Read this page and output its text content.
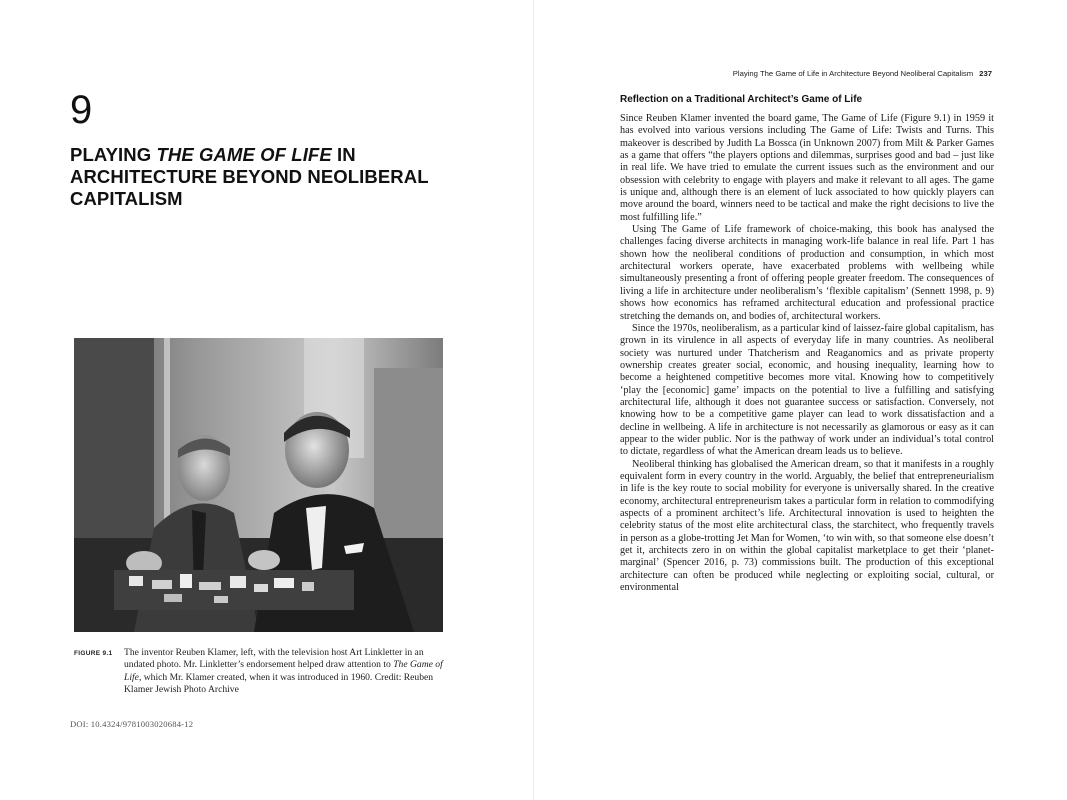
9
PLAYING THE GAME OF LIFE IN ARCHITECTURE BEYOND NEOLIBERAL CAPITALISM
FIGURE 9.1 The inventor Reuben Klamer, left, with the television host Art Linkletter in an undated photo. Mr. Linkletter’s endorsement helped draw attention to The Game of Life, which Mr. Klamer created, when it was introduced in 1960. Credit: Reuben Klamer Jewish Photo Archive
DOI: 10.4324/9781003020684-12
Playing The Game of Life in Architecture Beyond Neoliberal Capitalism 237
Reflection on a Traditional Architect’s Game of Life

Since Reuben Klamer invented the board game, The Game of Life (Figure 9.1) in 1959 it has evolved into various versions including The Game of Life: Twists and Turns. This makeover is described by Judith La Bossca (in Unknown 2007) from Milt & Parker Games as a game that offers “the players options and dilemmas, surprises good and bad – just like in real life. We have tried to emulate the current issues such as the environment and our obsession with celebrity to engage with players and make it relevant to all ages. The game is unique and, although there is an element of luck associated to how quickly players can move around the board, winners need to be tactical and make the right decisions to live the most fulfilling life.”

Using The Game of Life framework of choice-making, this book has analysed the challenges facing diverse architects in managing work-life balance in real life. Part 1 has shown how the neoliberal conditions of production and consumption, in which most architectural workers operate, have exacerbated problems with wellbeing while simultaneously presenting a front of offering people greater freedom. The consequences of living a life in architecture under neoliberalism’s ‘flexible capitalism’ (Sennett 1998, p. 9) shows how economics has reframed architectural education and professional practice stretching the demands on, and bodies of, architectural workers.

Since the 1970s, neoliberalism, as a particular kind of laissez-faire global capitalism, has grown in its virulence in all aspects of everyday life in many countries. As neoliberal society was nurtured under Thatcherism and Reaganomics and as private property ownership creates greater social, economic, and housing inequality, learning how to become a heightened competitive becomes more vital. Knowing how to competitively ‘play the [economic] game’ impacts on the potential to live a fulfilling and satisfying architectural life, although it does not guarantee success or satisfaction. Conversely, not knowing how to be a competitive game player can lead to work dissatisfaction and a decline in wellbeing. A life in architecture is not necessarily as glamorous or easy as it can appear to the wider public. Nor is the pathway of work under an individual’s total control to dictate, regardless of what the American dream leads us to believe.

Neoliberal thinking has globalised the American dream, so that it manifests in a roughly equivalent form in every country in the world. Arguably, the belief that entrepreneurialism in life is the key route to social mobility for everyone is universally shared. In the creative economy, architectural entrepreneurism takes a particular form in relation to commodifying aspects of a prominent architect’s life. Architectural innovation is used to heighten the celebrity status of the most elite architectural class, the starchitect, who frequently travels in person as a globe-trotting Jet Man for Women, ‘to win with, so that someone else doesn’t get it, architects zero in on within the global capitalist marketplace to get their ‘planet-marginal’ (Spencer 2016, p. 73) commissions built. The production of this exceptional architecture can often be produced while neglecting or exploiting social, cultural, or environmental
